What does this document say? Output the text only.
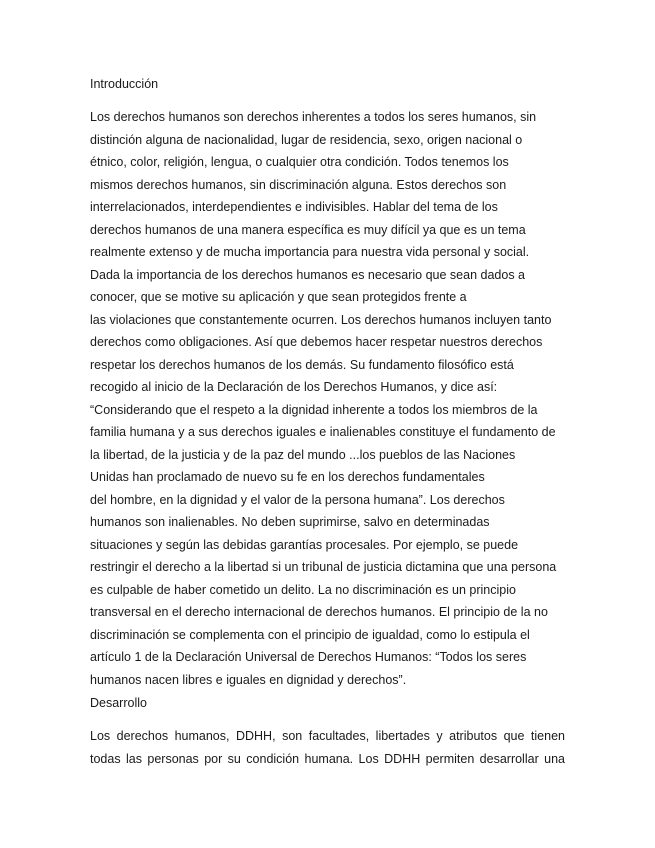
Introducción

Los derechos humanos son derechos inherentes a todos los seres humanos, sin
distinción alguna de nacionalidad, lugar de residencia, sexo, origen nacional o
étnico, color, religión, lengua, o cualquier otra condición. Todos tenemos los
mismos derechos humanos, sin discriminación alguna. Estos derechos son
interrelacionados, interdependientes e indivisibles. Hablar del tema de los
derechos humanos de una manera específica es muy difícil ya que es un tema
realmente extenso y de mucha importancia para nuestra vida personal y social.
Dada la importancia de los derechos humanos es necesario que sean dados a
conocer, que se motive su aplicación y que sean protegidos frente a
las violaciones que constantemente ocurren. Los derechos humanos incluyen tanto
derechos como obligaciones. Así que debemos hacer respetar nuestros derechos
respetar los derechos humanos de los demás. Su fundamento filosófico está
recogido al inicio de la Declaración de los Derechos Humanos, y dice así:
“Considerando que el respeto a la dignidad inherente a todos los miembros de la
familia humana y a sus derechos iguales e inalienables constituye el fundamento de
la libertad, de la justicia y de la paz del mundo ...los pueblos de las Naciones
Unidas han proclamado de nuevo su fe en los derechos fundamentales
del hombre, en la dignidad y el valor de la persona humana”. Los derechos
humanos son inalienables. No deben suprimirse, salvo en determinadas
situaciones y según las debidas garantías procesales. Por ejemplo, se puede
restringir el derecho a la libertad si un tribunal de justicia dictamina que una persona
es culpable de haber cometido un delito. La no discriminación es un principio
transversal en el derecho internacional de derechos humanos. El principio de la no
discriminación se complementa con el principio de igualdad, como lo estipula el
artículo 1 de la Declaración Universal de Derechos Humanos: “Todos los seres
humanos nacen libres e iguales en dignidad y derechos”.

Desarrollo

Los derechos humanos, DDHH, son facultades, libertades y atributos que tienen
todas las personas por su condición humana. Los DDHH permiten desarrollar una
